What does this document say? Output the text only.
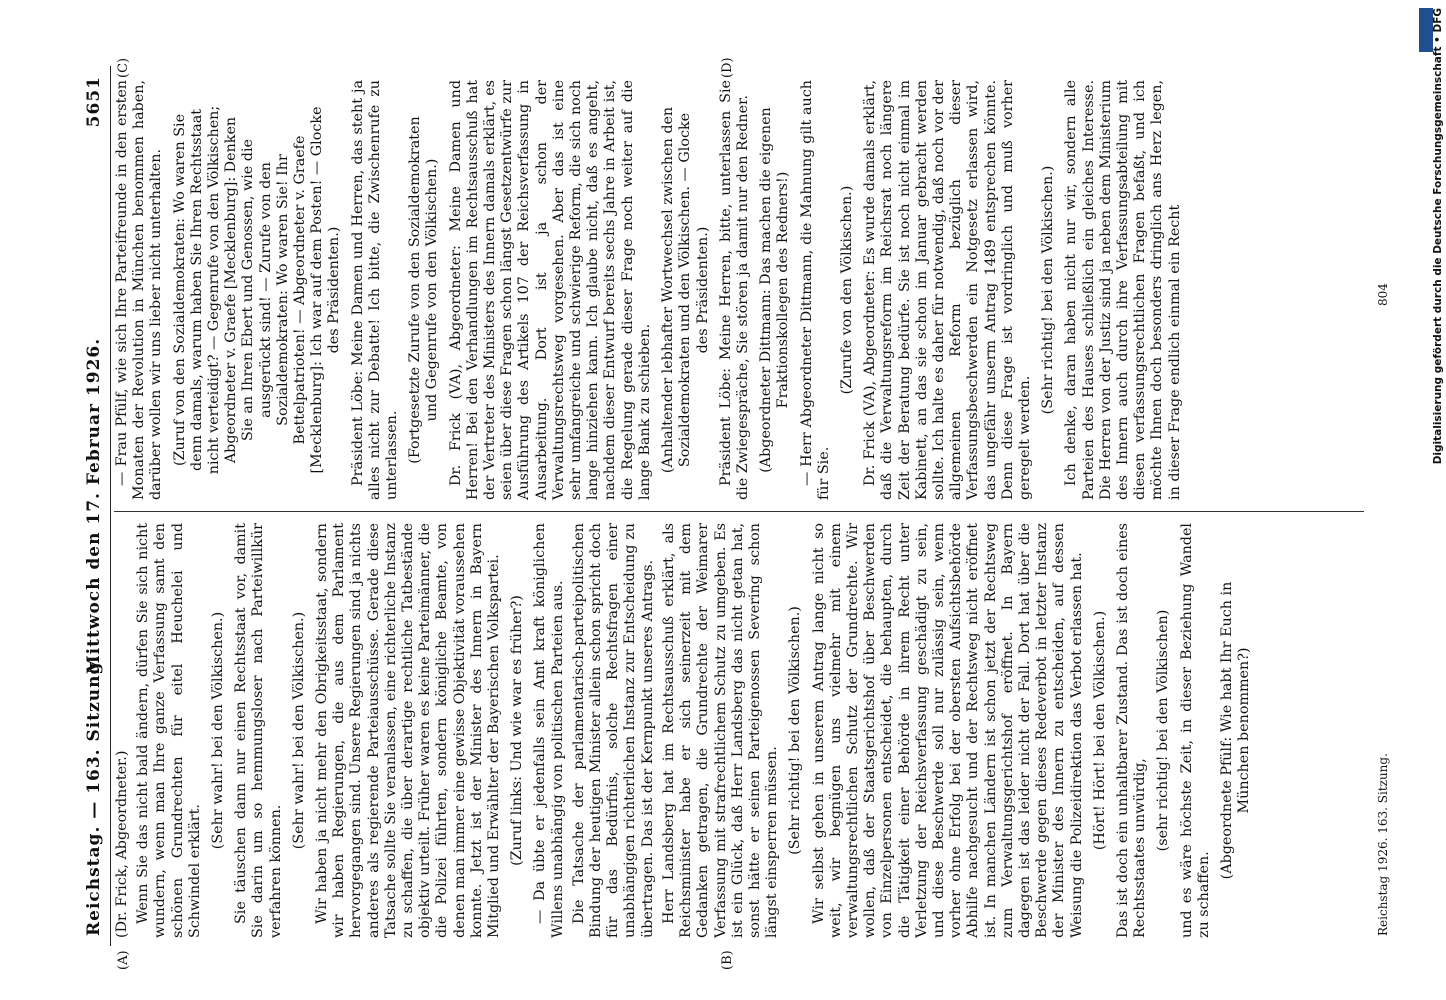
Reichstag. — 163. Sitzung.
Mittwoch den 17. Februar 1926.
5651

(Dr. Frick, Abgeordneter.) Wenn Sie das nicht bald ändern, dürfen Sie sich nicht wundern, wenn man Ihre ganze Verfassung samt den schönen Grundrechten für eitel Heuchelei und Schwindel erklärt.

(Sehr wahr! bei den Völkischen.) Sie täuschen dann nur einen Rechtsstaat vor, damit Sie darin um so hemmungsloser nach Parteiwillkür verfahren können.

(Sehr wahr! bei den Völkischen.) Wir haben ja nicht mehr den Obrigkeitsstaat, sondern wir haben Regierungen, die aus dem Parlament hervorgegangen sind. Unsere Regierungen sind ja nichts anderes als regierende Parteiausschüsse. Gerade diese Tatsache sollte Sie veranlassen, eine richterliche Instanz zu schaffen, die über derartige rechtliche Tatbestände objektiv urteilt. Früher waren es keine Parteimänner, die die Polizei führten, sondern königliche Beamte, von denen man immer eine gewisse Objektivität voraussehen konnte. Jetzt ist der Minister des Innern in Bayern Mitglied und Erwählter der Bayerischen Volkspartei. (Zuruf links: Und wie war es früher?) — Da übte er jedenfalls sein Amt kraft königlichen Willens unabhängig von politischen Parteien aus. Die Tatsache der parlamentarisch-parteipolitischen Bindung der heutigen Minister allein schon spricht doch für das Bedürfnis, solche Rechtsfragen einer unabhängigen richterlichen Instanz zur Entscheidung zu übertragen. Das ist der Kernpunkt unseres Antrags. Herr Landsberg hat im Rechtsausschuß erklärt, als Reichsminister habe er sich seinerzeit mit dem Gedanken getragen, die Grundrechte der Weimarer Verfassung mit strafrechtlichem Schutz zu umgeben. Es ist ein Glück, daß Herr Landsberg das nicht getan hat, sonst hätte er seinen Parteigenossen Severing schon längst einsperren müssen. (Sehr richtig! bei den Völkischen.) Wir selbst gehen in unserem Antrag lange nicht so weit, wir begnügen uns vielmehr mit einem verwaltungsrechtlichen Schutz der Grundrechte. Wir wollen, daß der Staatsgerichtshof über Beschwerden von Einzelpersonen entscheidet, die behaupten, durch die Tätigkeit einer Behörde in ihrem Recht unter Verletzung der Reichsverfassung geschädigt zu sein, und diese Beschwerde soll nur zulässig sein, wenn vorher ohne Erfolg bei der obersten Aufsichtsbehörde Abhilfe nachgesucht und der Rechtsweg nicht eröffnet ist. In manchen Ländern ist schon jetzt der Rechtsweg zum Verwaltungsgerichtshof eröffnet. In Bayern dagegen ist das leider nicht der Fall. Dort hat über die Beschwerde gegen dieses Redeverbot in letzter Instanz der Minister des Innern zu entscheiden, auf dessen Weisung die Polizeidirektion das Verbot erlassen hat. (Hört! Hört! bei den Völkischen.) Das ist doch ein unhaltbarer Zustand. Das ist doch eines Rechtsstaates unwürdig, (sehr richtig! bei den Völkischen) und es wäre höchste Zeit, in dieser Beziehung Wandel zu schaffen.

(Abgeordnete Pfülf: Wie habt Ihr Euch in München benommen?)

— Frau Pfülf, wie sich Ihre Parteifreunde in den ersten Monaten der Revolution in München benommen haben, darüber wollen wir uns lieber nicht unterhalten. (Zuruf von den Sozialdemokraten: Wo waren Sie denn damals, warum haben Sie Ihren Rechtsstaat nicht verteidigt? — Gegenrufe von den Völkischen; Abgeordneter v. Graefe [Mecklenburg]: Denken Sie an Ihren Ebert und Genossen, wie die ausgerückt sind! — Zurufe von den Sozialdemokraten: Wo waren Sie! Ihr Bettelpatrioten! — Abgeordneter v. Graefe [Mecklenburg]: Ich war auf dem Posten! — Glocke des Präsidenten.) Präsident Löbe: Meine Damen und Herren, das steht ja alles nicht zur Debatte! Ich bitte, die Zwischenrufe zu unterlassen. (Fortgesetzte Zurufe von den Sozialdemokraten und Gegenrufe von den Völkischen.) Dr. Frick (VA), Abgeordneter: Meine Damen und Herren! Bei den Verhandlungen im Rechtsausschuß hat der Vertreter des Ministers des Innern damals erklärt, es seien über diese Fragen schon längst Gesetzentwürfe zur Ausführung des Artikels 107 der Reichsverfassung in Ausarbeitung. Dort ist ja schon der Verwaltungsrechtsweg vorgesehen. Aber das ist eine sehr umfangreiche und schwierige Reform, die sich noch lange hinziehen kann. Ich glaube nicht, daß es angeht, nachdem dieser Entwurf bereits sechs Jahre in Arbeit ist, die Regelung gerade dieser Frage noch weiter auf die lange Bank zu schieben. (Anhaltender lebhafter Wortwechsel zwischen den Sozialdemokraten und den Völkischen. — Glocke des Präsidenten.) Präsident Löbe: Meine Herren, bitte, unterlassen Sie die Zwiegespräche, Sie stören ja damit nur den Redner. (Abgeordneter Dittmann: Das machen die eigenen Fraktionskollegen des Redners!) — Herr Abgeordneter Dittmann, die Mahnung gilt auch für Sie.

(Zurufe von den Völkischen.) Dr. Frick (VA), Abgeordneter: Es wurde damals erklärt, daß die Verwaltungsreform im Reichsrat noch längere Zeit der Beratung bedürfe. Sie ist noch nicht einmal im Kabinett, an das sie schon im Januar gebracht werden sollte. Ich halte es daher für notwendig, daß noch vor der allgemeinen Reform bezüglich dieser Verfassungsbeschwerden ein Notgesetz erlassen wird, das ungefähr unserm Antrag 1489 entsprechen könnte. Denn diese Frage ist vordringlich und muß vorher geregelt werden.

(Sehr richtig! bei den Völkischen.) Ich denke, daran haben nicht nur wir, sondern alle Parteien des Hauses schließlich ein gleiches Interesse. Die Herren von der Justiz sind ja neben dem Ministerium des Innern auch durch ihre Verfassungsabteilung mit diesen verfassungsrechtlichen Fragen befaßt, und ich möchte Ihnen doch besonders dringlich ans Herz legen, in dieser Frage endlich einmal ein Recht

(A)	(B)
(C)	(D)
Reichstag 1926. 163. Sitzung.
804	Digitalisierung gefördert durch die Deutsche Forschungsgemeinschaft • DFG
